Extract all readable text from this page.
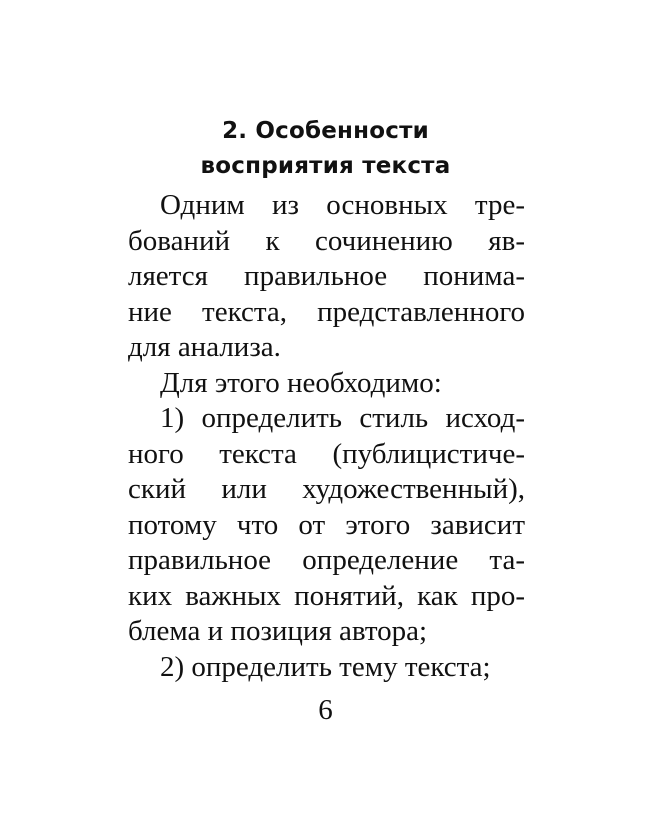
2. Особенности
восприятия текста
Одним из основных тре-
бований к сочинению яв-
ляется правильное понима-
ние текста, представленного
для анализа.
Для этого необходимо:
1) определить стиль исход-
ного текста (публицистиче-
ский или художественный),
потому что от этого зависит
правильное определение та-
ких важных понятий, как про-
блема и позиция автора;
2) определить тему текста;
6
